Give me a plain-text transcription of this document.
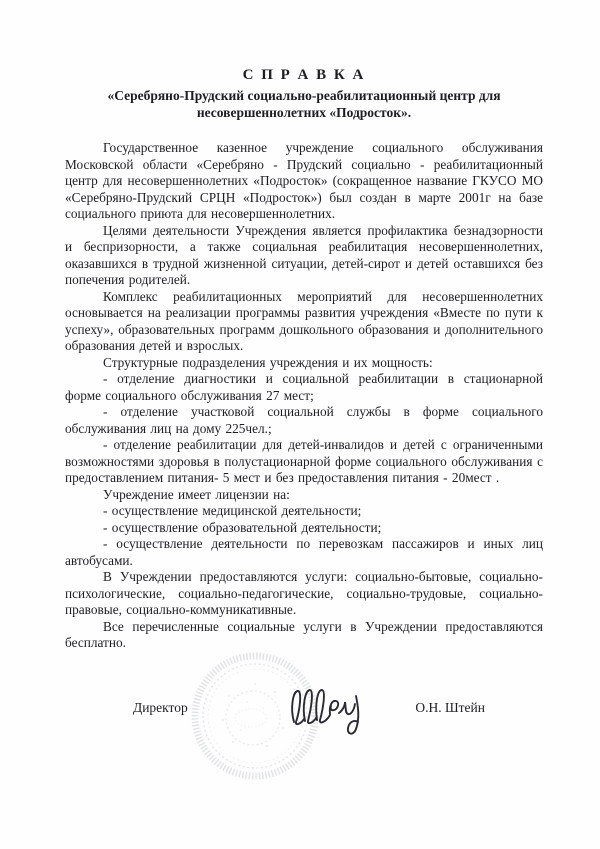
С П Р А В К А
«Серебряно-Прудский социально-реабилитационный центр для несовершеннолетних «Подросток».

Государственное казенное учреждение социального обслуживания Московской области «Серебряно - Прудский социально - реабилитационный центр для несовершеннолетних «Подросток» (сокращенное название ГКУСО МО «Серебряно-Прудский СРЦН «Подросток») был создан в марте 2001г на базе социального приюта для несовершеннолетних.

Целями деятельности Учреждения является профилактика безнадзорности и беспризорности, а также социальная реабилитация несовершеннолетних, оказавшихся в трудной жизненной ситуации, детей-сирот и детей оставшихся без попечения родителей.

Комплекс реабилитационных мероприятий для несовершеннолетних основывается на реализации программы развития учреждения «Вместе по пути к успеху», образовательных программ дошкольного образования и дополнительного образования детей и взрослых.

Структурные подразделения учреждения и их мощность:

- отделение диагностики и социальной реабилитации в стационарной форме социального обслуживания 27 мест;

- отделение участковой социальной службы в форме социального обслуживания лиц на дому 225чел.;

- отделение реабилитации для детей-инвалидов и детей с ограниченными возможностями здоровья в полустационарной форме социального обслуживания с предоставлением питания- 5 мест и без предоставления питания - 20мест .

Учреждение имеет лицензии на:

- осуществление медицинской деятельности;

- осуществление образовательной деятельности;

- осуществление деятельности по перевозкам пассажиров и иных лиц автобусами.

В Учреждении предоставляются услуги: социально-бытовые, социально-психологические, социально-педагогические, социально-трудовые, социально-правовые, социально-коммуникативные.

Все перечисленные социальные услуги в Учреждении предоставляются бесплатно.

Директор	О.Н. Штейн
